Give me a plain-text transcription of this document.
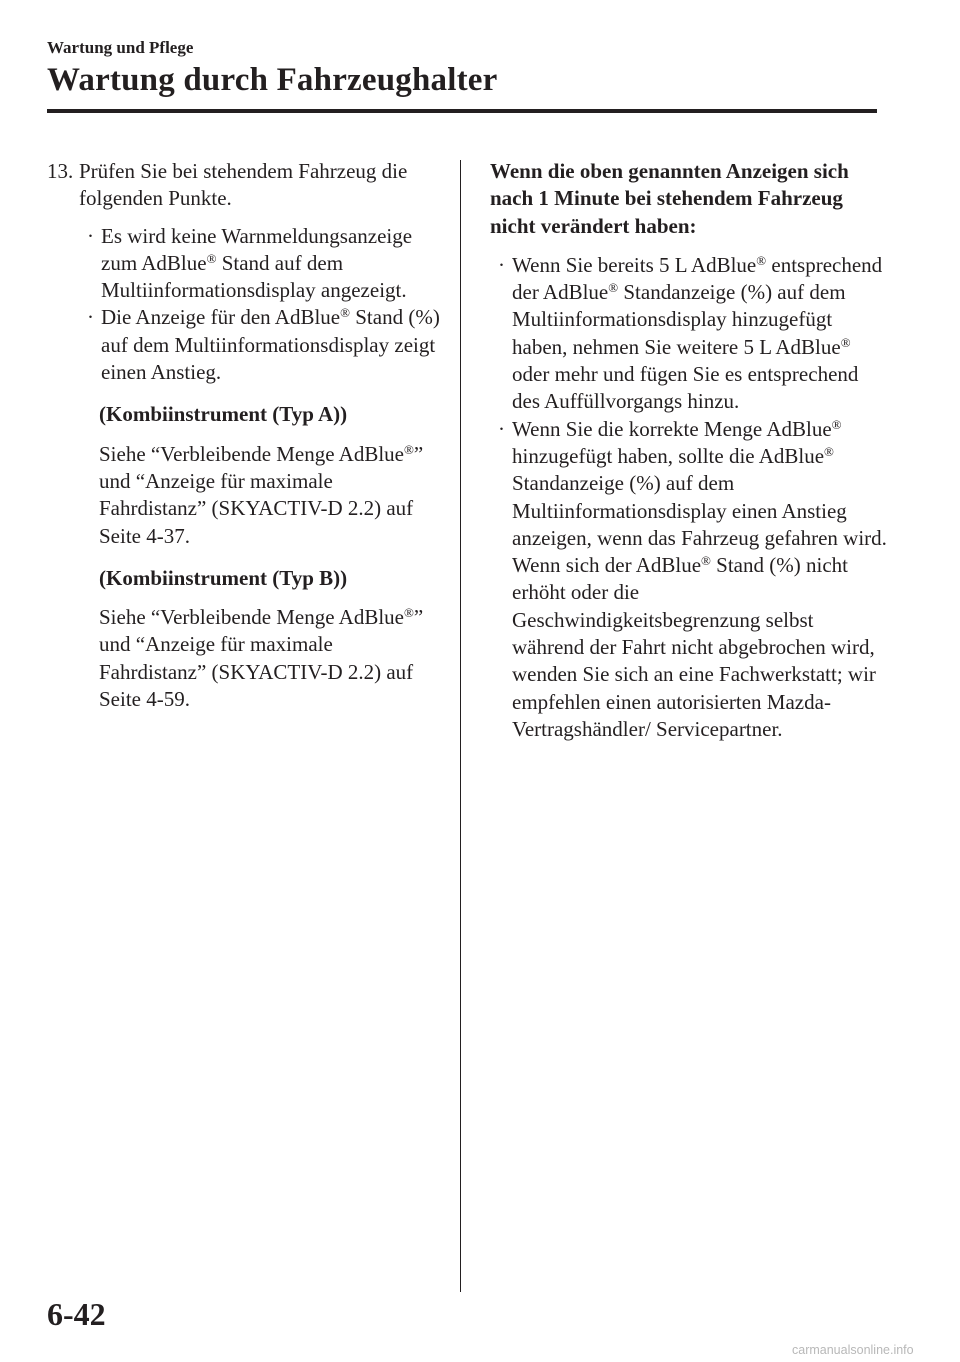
Wartung und Pflege
Wartung durch Fahrzeughalter

13. Prüfen Sie bei stehendem Fahrzeug die folgenden Punkte.

· Es wird keine Warnmeldungsanzeige zum AdBlue® Stand auf dem Multiinformationsdisplay angezeigt.
· Die Anzeige für den AdBlue® Stand (%) auf dem Multiinformationsdisplay zeigt einen Anstieg.

(Kombiinstrument (Typ A))

Siehe “Verbleibende Menge AdBlue®” und “Anzeige für maximale Fahrdistanz” (SKYACTIV-D 2.2) auf Seite 4-37.

(Kombiinstrument (Typ B))

Siehe “Verbleibende Menge AdBlue®” und “Anzeige für maximale Fahrdistanz” (SKYACTIV-D 2.2) auf Seite 4-59.

Wenn die oben genannten Anzeigen sich nach 1 Minute bei stehendem Fahrzeug nicht verändert haben:

· Wenn Sie bereits 5 L AdBlue® entsprechend der AdBlue® Standanzeige (%) auf dem Multiinformationsdisplay hinzugefügt haben, nehmen Sie weitere 5 L AdBlue® oder mehr und fügen Sie es entsprechend des Auffüllvorgangs hinzu.
· Wenn Sie die korrekte Menge AdBlue® hinzugefügt haben, sollte die AdBlue® Standanzeige (%) auf dem Multiinformationsdisplay einen Anstieg anzeigen, wenn das Fahrzeug gefahren wird. Wenn sich der AdBlue® Stand (%) nicht erhöht oder die Geschwindigkeitsbegrenzung selbst während der Fahrt nicht abgebrochen wird, wenden Sie sich an eine Fachwerkstatt; wir empfehlen einen autorisierten Mazda-Vertragshändler/ Servicepartner.
6-42
carmanualsonline.info
